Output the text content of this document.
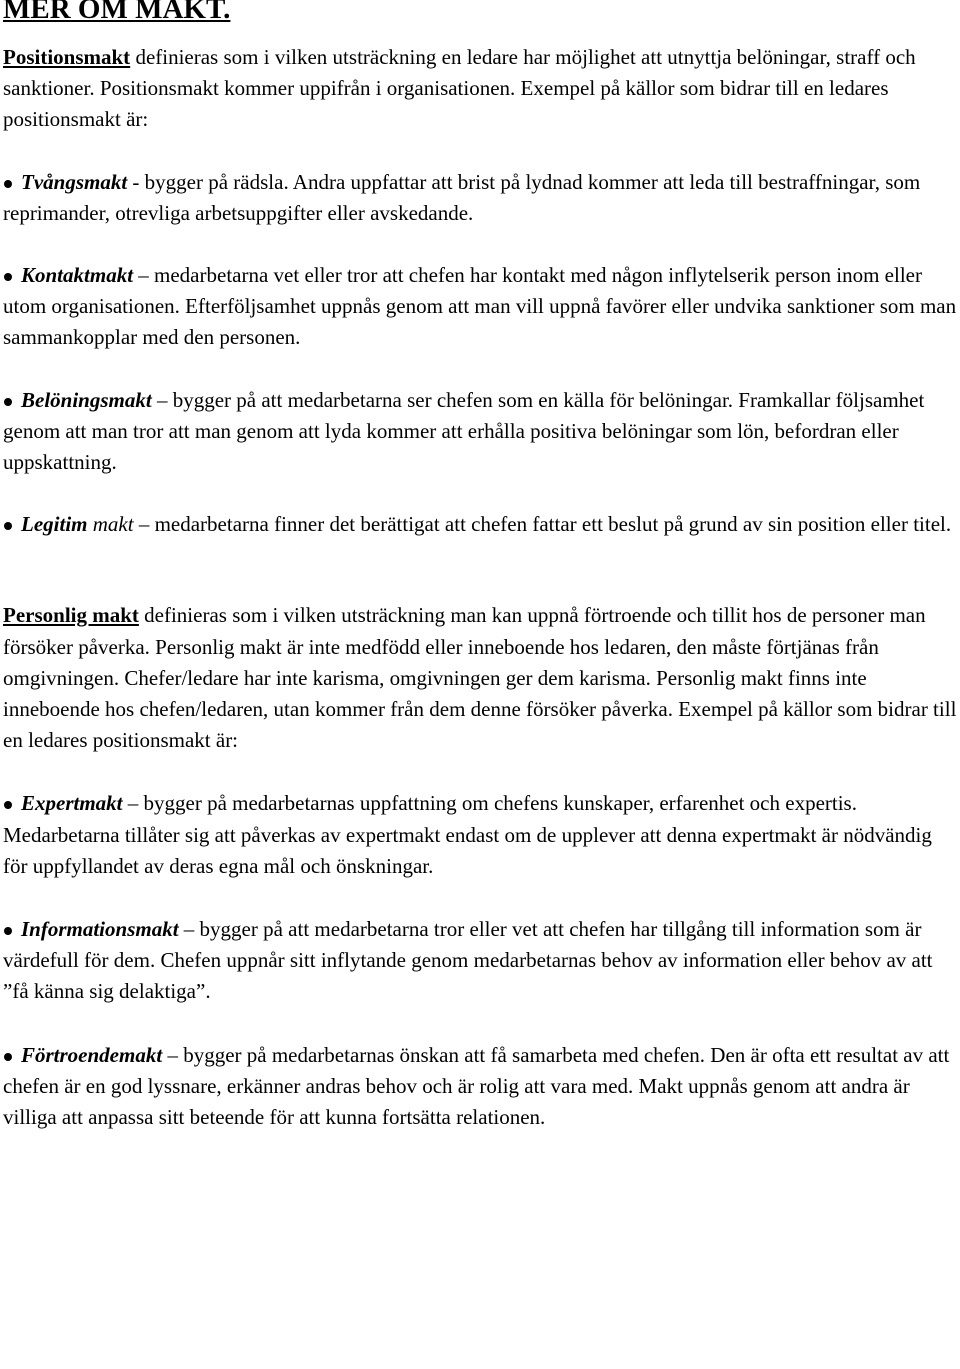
MER OM MAKT.

Positionsmakt definieras som i vilken utsträckning en ledare har möjlighet att utnyttja belöningar, straff och sanktioner. Positionsmakt kommer uppifrån i organisationen. Exempel på källor som bidrar till en ledares positionsmakt är:

Tvångsmakt - bygger på rädsla. Andra uppfattar att brist på lydnad kommer att leda till bestraffningar, som reprimander, otrevliga arbetsuppgifter eller avskedande.

Kontaktmakt – medarbetarna vet eller tror att chefen har kontakt med någon inflytelserik person inom eller utom organisationen. Efterföljsamhet uppnås genom att man vill uppnå favörer eller undvika sanktioner som man sammankopplar med den personen.

Belöningsmakt – bygger på att medarbetarna ser chefen som en källa för belöningar. Framkallar följsamhet genom att man tror att man genom att lyda kommer att erhålla positiva belöningar som lön, befordran eller uppskattning.

Legitim makt – medarbetarna finner det berättigat att chefen fattar ett beslut på grund av sin position eller titel.

Personlig makt definieras som i vilken utsträckning man kan uppnå förtroende och tillit hos de personer man försöker påverka. Personlig makt är inte medfödd eller inneboende hos ledaren, den måste förtjänas från omgivningen. Chefer/ledare har inte karisma, omgivningen ger dem karisma. Personlig makt finns inte inneboende hos chefen/ledaren, utan kommer från dem denne försöker påverka. Exempel på källor som bidrar till en ledares positionsmakt är:

Expertmakt – bygger på medarbetarnas uppfattning om chefens kunskaper, erfarenhet och expertis. Medarbetarna tillåter sig att påverkas av expertmakt endast om de upplever att denna expertmakt är nödvändig för uppfyllandet av deras egna mål och önskningar.

Informationsmakt – bygger på att medarbetarna tror eller vet att chefen har tillgång till information som är värdefull för dem. Chefen uppnår sitt inflytande genom medarbetarnas behov av information eller behov av att ”få känna sig delaktiga”.

Förtroendemakt – bygger på medarbetarnas önskan att få samarbeta med chefen. Den är ofta ett resultat av att chefen är en god lyssnare, erkänner andras behov och är rolig att vara med. Makt uppnås genom att andra är villiga att anpassa sitt beteende för att kunna fortsätta relationen.
